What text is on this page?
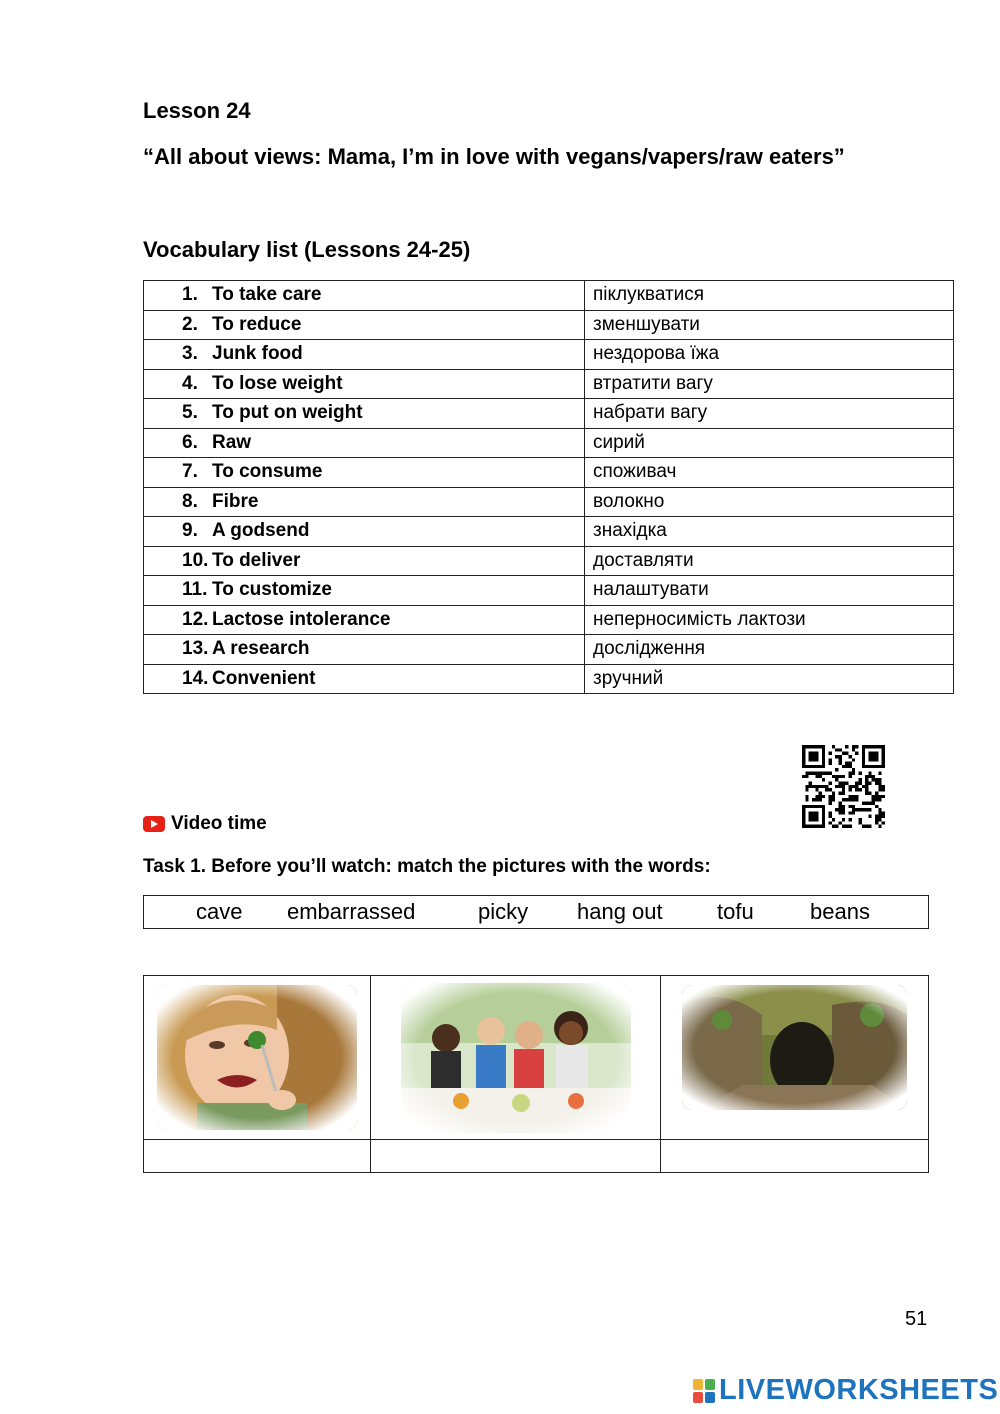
Lesson 24
“All about views: Mama, I’m in love with vegans/vapers/raw eaters”
Vocabulary list (Lessons 24-25)
1. To take care	піклукватися
2. To reduce	зменшувати
3. Junk food	нездорова їжа
4. To lose weight	втратити вагу
5. To put on weight	набрати вагу
6. Raw	сирий
7. To consume	споживач
8. Fibre	волокно
9. A godsend	знахідка
10. To deliver	доставляти
11. To customize	налаштувати
12. Lactose intolerance	неперносимість лактози
13. A research	дослідження
14. Convenient	зручний
Video time
Task 1. Before you’ll watch: match the pictures with the words:
cave embarrassed	picky hang out tofu	beans

51
LIVEWORKSHEETS
